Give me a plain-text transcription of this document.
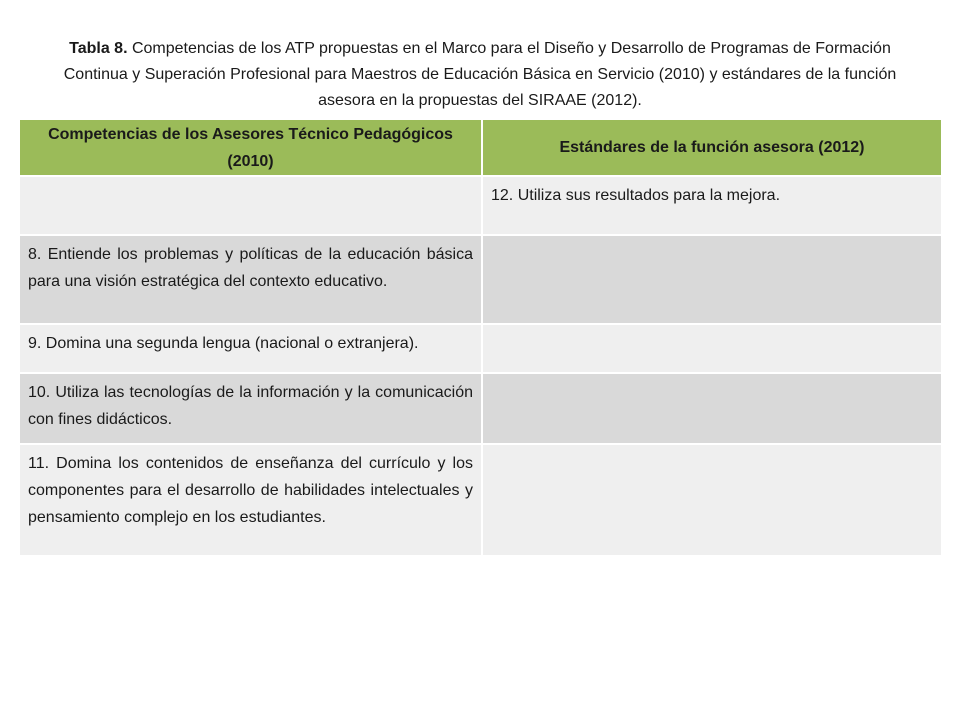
Tabla 8. Competencias de los ATP propuestas en el Marco para el Diseño y Desarrollo de Programas de Formación Continua y Superación Profesional para Maestros de Educación Básica en Servicio (2010) y estándares de la función asesora en la propuestas del SIRAAE (2012).
Competencias de los Asesores Técnico Pedagógicos (2010)	Estándares de la función asesora (2012)
	12. Utiliza sus resultados para la mejora.
8. Entiende los problemas y políticas de la educación básica para una visión estratégica del contexto educativo.	
9. Domina una segunda lengua (nacional o extranjera).	
10. Utiliza las tecnologías de la información y la comunicación con fines didácticos.	
11. Domina los contenidos de enseñanza del currículo y los componentes para el desarrollo de habilidades intelectuales y pensamiento complejo en los estudiantes.	
